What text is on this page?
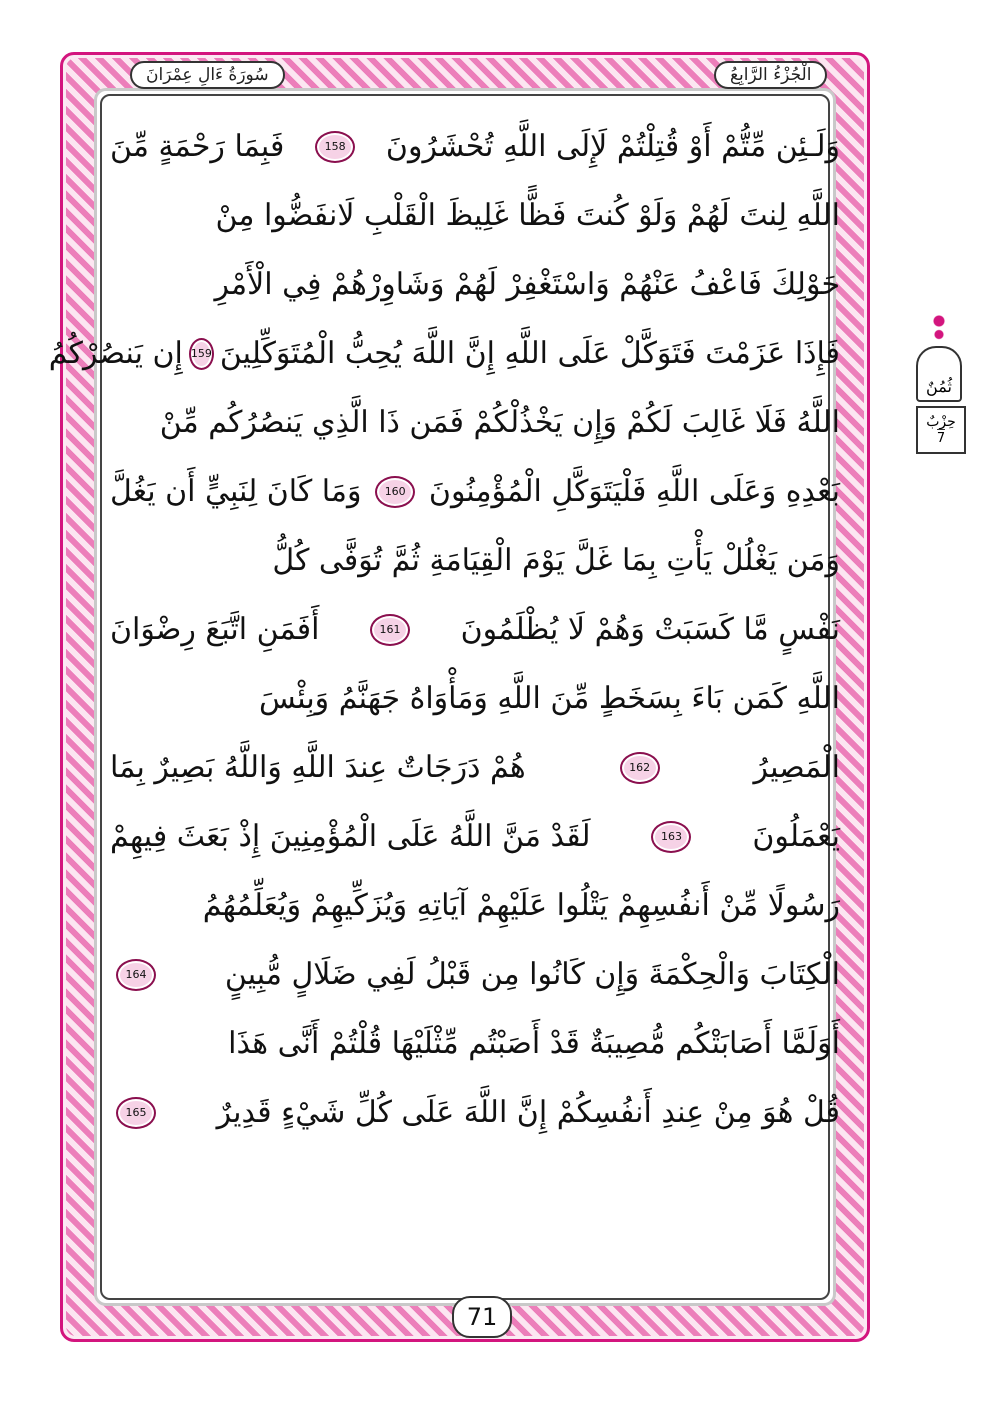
الْجُزْءُ الرَّابِعُ
سُورَةُ ءَالِ عِمْرَانَ
ثُمُنٌ
حِزْبٌ
7
وَلَـئِن مِّتُّمْ أَوْ قُتِلْتُمْ لَإِلَى اللَّهِ تُحْشَرُونَ
158
فَبِمَا رَحْمَةٍ مِّنَ
اللَّهِ لِنتَ لَهُمْ وَلَوْ كُنتَ فَظًّا غَلِيظَ الْقَلْبِ لَانفَضُّوا مِنْ
حَوْلِكَ فَاعْفُ عَنْهُمْ وَاسْتَغْفِرْ لَهُمْ وَشَاوِرْهُمْ فِي الْأَمْرِ
فَإِذَا عَزَمْتَ فَتَوَكَّلْ عَلَى اللَّهِ إِنَّ اللَّهَ يُحِبُّ الْمُتَوَكِّلِينَ
159
إِن يَنصُرْكُمُ
اللَّهُ فَلَا غَالِبَ لَكُمْ وَإِن يَخْذُلْكُمْ فَمَن ذَا الَّذِي يَنصُرُكُم مِّنْ
بَعْدِهِ وَعَلَى اللَّهِ فَلْيَتَوَكَّلِ الْمُؤْمِنُونَ
160
وَمَا كَانَ لِنَبِيٍّ أَن يَغُلَّ
وَمَن يَغْلُلْ يَأْتِ بِمَا غَلَّ يَوْمَ الْقِيَامَةِ ثُمَّ تُوَفَّى كُلُّ
نَفْسٍ مَّا كَسَبَتْ وَهُمْ لَا يُظْلَمُونَ
161
أَفَمَنِ اتَّبَعَ رِضْوَانَ
اللَّهِ كَمَن بَاءَ بِسَخَطٍ مِّنَ اللَّهِ وَمَأْوَاهُ جَهَنَّمُ وَبِئْسَ
الْمَصِيرُ
162
هُمْ دَرَجَاتٌ عِندَ اللَّهِ وَاللَّهُ بَصِيرٌ بِمَا
يَعْمَلُونَ
163
لَقَدْ مَنَّ اللَّهُ عَلَى الْمُؤْمِنِينَ إِذْ بَعَثَ فِيهِمْ
رَسُولًا مِّنْ أَنفُسِهِمْ يَتْلُوا عَلَيْهِمْ آيَاتِهِ وَيُزَكِّيهِمْ وَيُعَلِّمُهُمُ
الْكِتَابَ وَالْحِكْمَةَ وَإِن كَانُوا مِن قَبْلُ لَفِي ضَلَالٍ مُّبِينٍ
164
أَوَلَمَّا أَصَابَتْكُم مُّصِيبَةٌ قَدْ أَصَبْتُم مِّثْلَيْهَا قُلْتُمْ أَنَّى هَذَا
قُلْ هُوَ مِنْ عِندِ أَنفُسِكُمْ إِنَّ اللَّهَ عَلَى كُلِّ شَيْءٍ قَدِيرٌ
165
71
